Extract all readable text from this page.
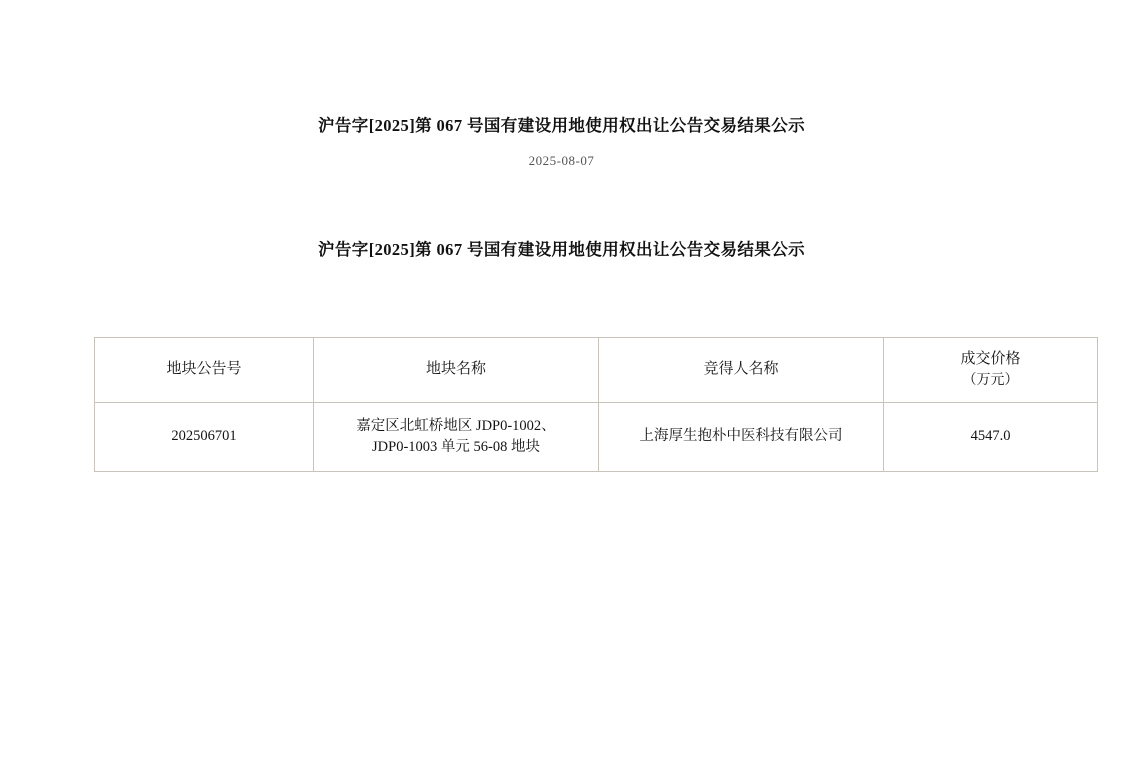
沪告字[2025]第 067 号国有建设用地使用权出让公告交易结果公示

2025-08-07

沪告字[2025]第 067 号国有建设用地使用权出让公告交易结果公示
地块公告号	地块名称	竞得人名称	成交价格
（万元）

202506701	嘉定区北虹桥地区 JDP0-1002、
JDP0-1003 单元 56-08 地块	上海厚生抱朴中医科技有限公司	4547.0
